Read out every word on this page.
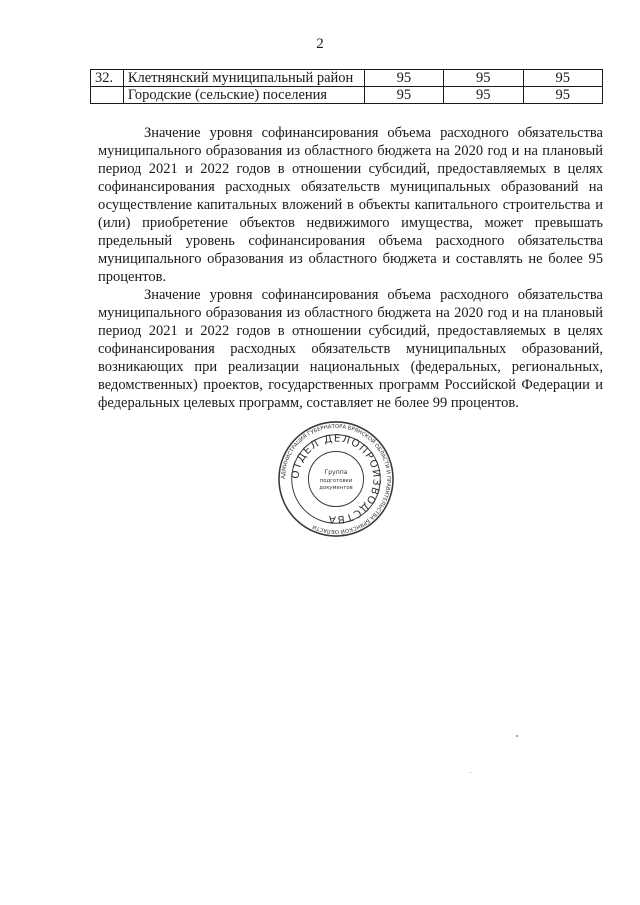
2
32.	Клетнянский муниципальный район	95	95	95
	Городские (сельские) поселения	95	95	95

Значение уровня софинансирования объема расходного обязательства муниципального образования из областного бюджета на 2020 год и на плановый период 2021 и 2022 годов в отношении субсидий, предоставляемых в целях софинансирования расходных обязательств муниципальных образований на осуществление капитальных вложений в объекты капитального строительства и (или) приобретение объектов недвижимого имущества, может превышать предельный уровень софинансирования объема расходного обязательства муниципального образования из областного бюджета и составлять не более 95 процентов.

Значение уровня софинансирования объема расходного обязательства муниципального образования из областного бюджета на 2020 год и на плановый период 2021 и 2022 годов в отношении субсидий, предоставляемых в целях софинансирования расходных обязательств муниципальных образований, возникающих при реализации национальных (федеральных, региональных, ведомственных) проектов, государственных программ Российской Федерации и федеральных целевых программ, составляет не более 99 процентов.

АДМИНИСТРАЦИЯ ГУБЕРНАТОРА БРЯНСКОЙ ОБЛАСТИ И ПРАВИТЕЛЬСТВА БРЯНСКОЙ ОБЛАСТИ
ОТДЕЛ ДЕЛОПРОИЗВОДСТВА
Группа
подготовки
документов
